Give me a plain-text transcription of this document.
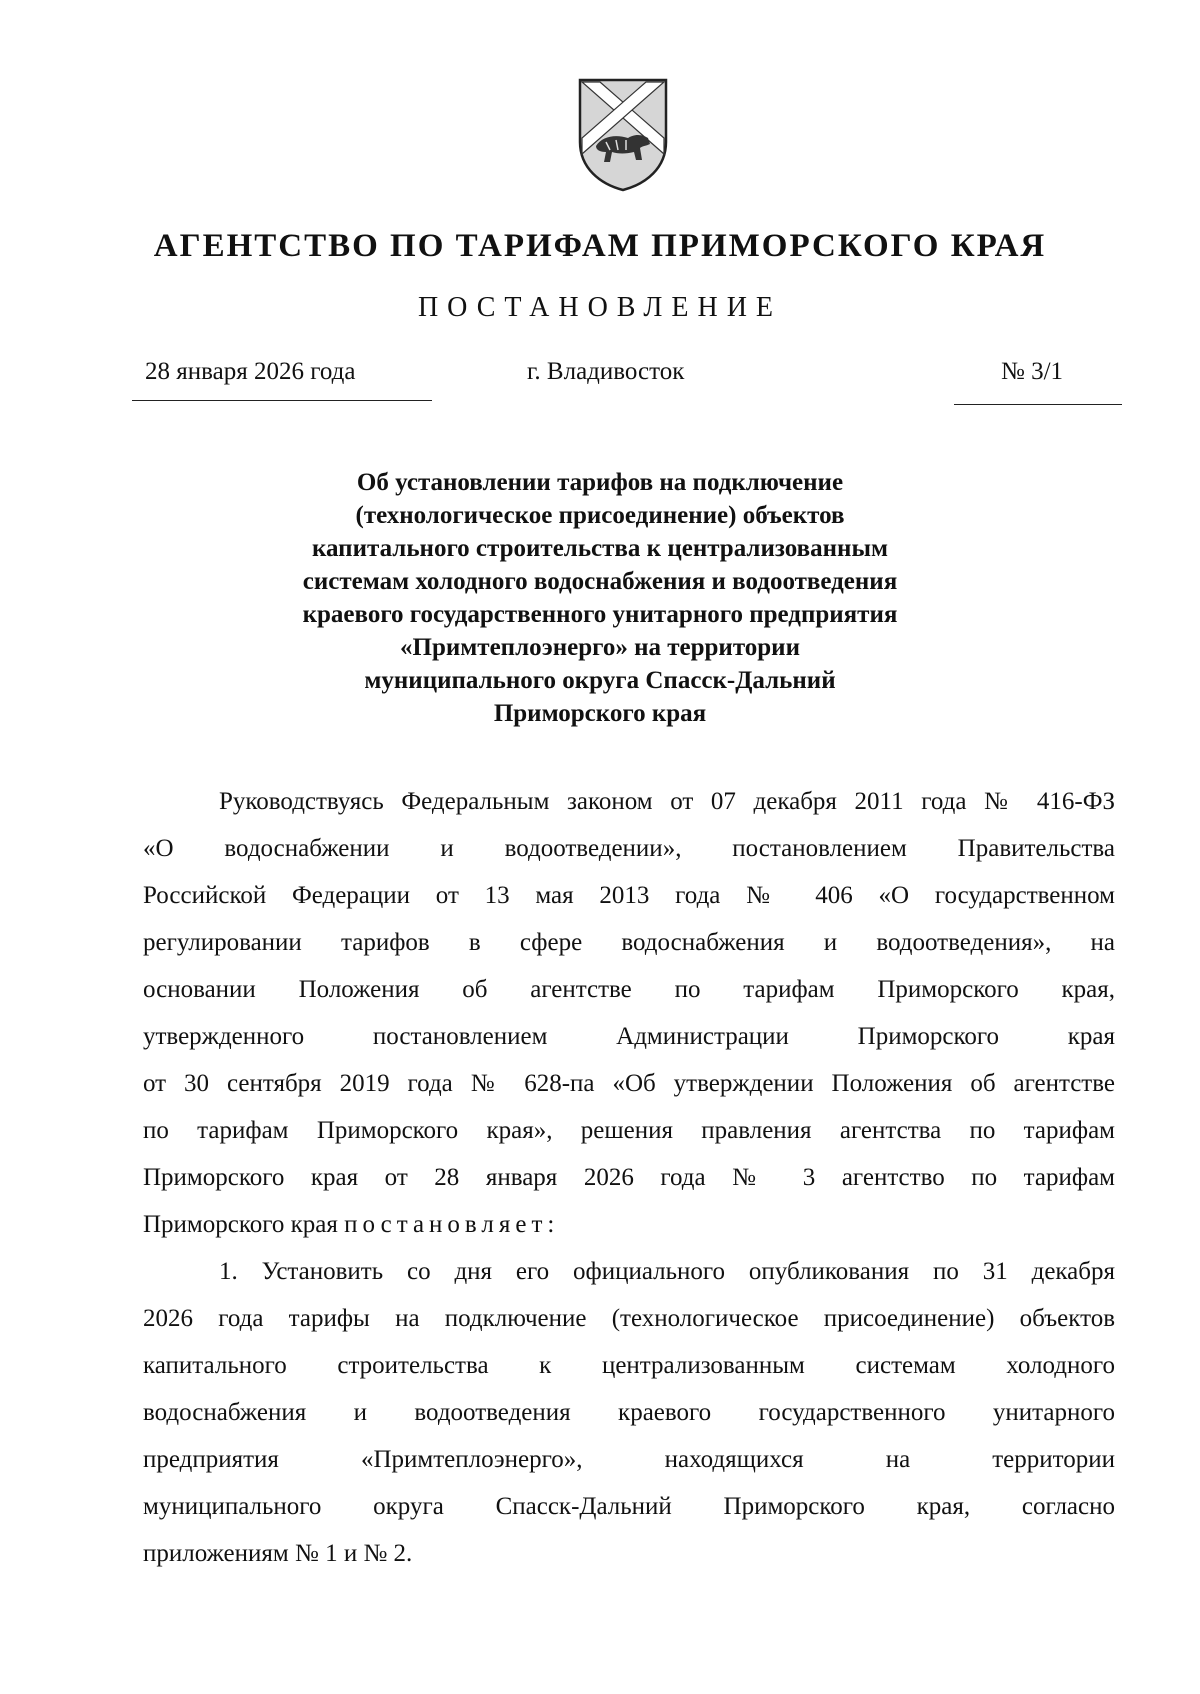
АГЕНТСТВО ПО ТАРИФАМ ПРИМОРСКОГО КРАЯ
ПОСТАНОВЛЕНИЕ
28 января 2026 года	г. Владивосток	№ 3/1
Об установлении тарифов на подключение
(технологическое присоединение) объектов
капитального строительства к централизованным
системам холодного водоснабжения и водоотведения
краевого государственного унитарного предприятия
«Примтеплоэнерго» на территории
муниципального округа Спасск-Дальний
Приморского края
Руководствуясь Федеральным законом от 07 декабря 2011 года № 416-ФЗ
«О водоснабжении и водоотведении», постановлением Правительства
Российской Федерации от 13 мая 2013 года № 406 «О государственном
регулировании тарифов в сфере водоснабжения и водоотведения», на
основании Положения об агентстве по тарифам Приморского края,
утвержденного постановлением Администрации Приморского края
от 30 сентября 2019 года № 628-па «Об утверждении Положения об агентстве
по тарифам Приморского края», решения правления агентства по тарифам
Приморского края от 28 января 2026 года № 3 агентство по тарифам
Приморского края постановляет:
1. Установить со дня его официального опубликования по 31 декабря
2026 года тарифы на подключение (технологическое присоединение) объектов
капитального строительства к централизованным системам холодного
водоснабжения и водоотведения краевого государственного унитарного
предприятия «Примтеплоэнерго», находящихся на территории
муниципального округа Спасск-Дальний Приморского края, согласно
приложениям № 1 и № 2.
